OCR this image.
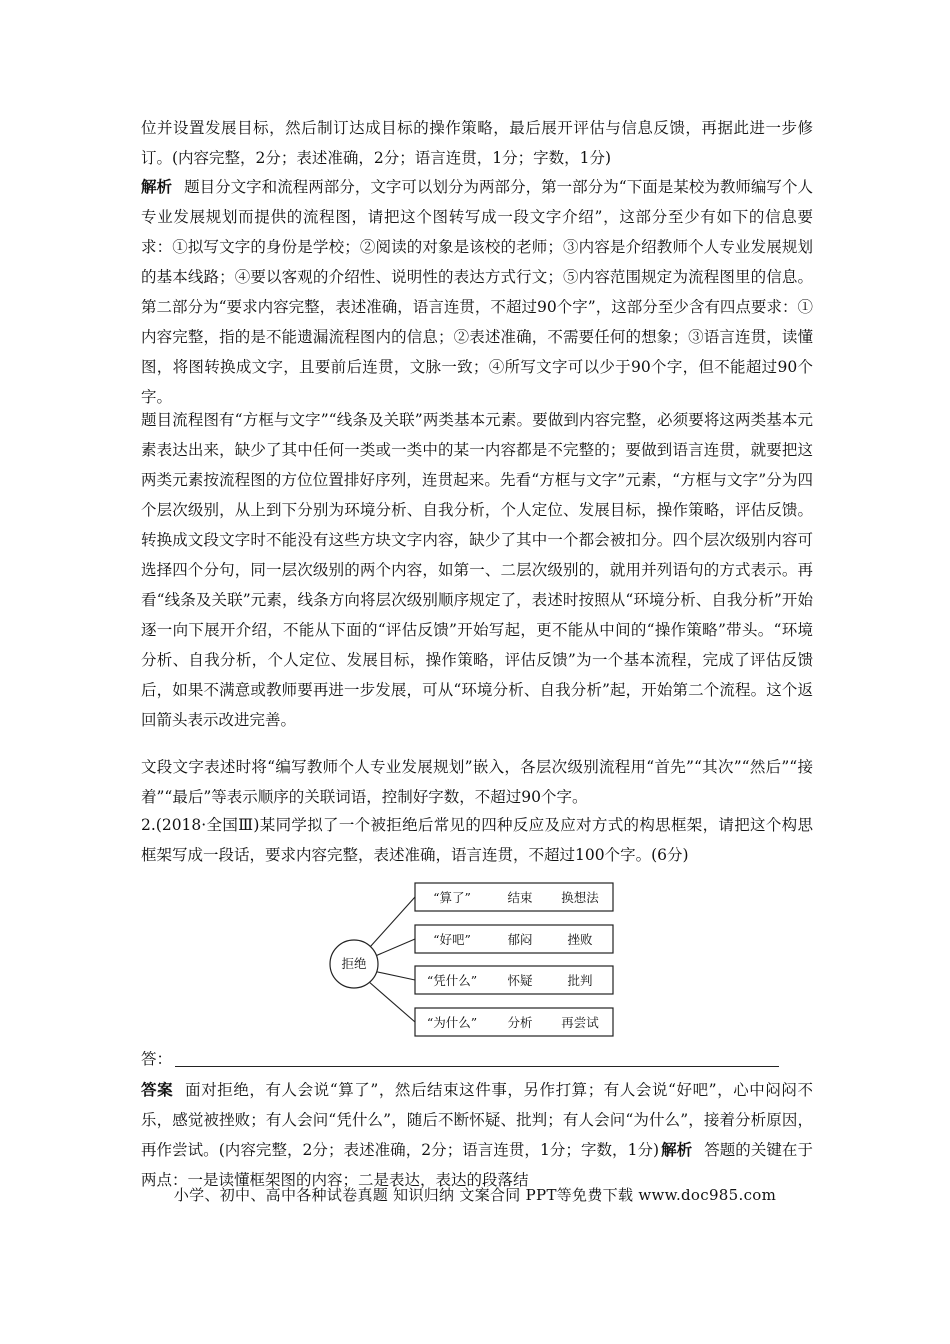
位并设置发展目标，然后制订达成目标的操作策略，最后展开评估与信息反馈，再据此进一步修订。(内容完整，2分；表述准确，2分；语言连贯，1分；字数，1分)

解析 题目分文字和流程两部分，文字可以划分为两部分，第一部分为“下面是某校为教师编写个人专业发展规划而提供的流程图，请把这个图转写成一段文字介绍”，这部分至少有如下的信息要求：①拟写文字的身份是学校；②阅读的对象是该校的老师；③内容是介绍教师个人专业发展规划的基本线路；④要以客观的介绍性、说明性的表达方式行文；⑤内容范围规定为流程图里的信息。第二部分为“要求内容完整，表述准确，语言连贯，不超过90个字”，这部分至少含有四点要求：①内容完整，指的是不能遗漏流程图内的信息；②表述准确，不需要任何的想象；③语言连贯，读懂图，将图转换成文字，且要前后连贯，文脉一致；④所写文字可以少于90个字，但不能超过90个字。

题目流程图有“方框与文字”“线条及关联”两类基本元素。要做到内容完整，必须要将这两类基本元素表达出来，缺少了其中任何一类或一类中的某一内容都是不完整的；要做到语言连贯，就要把这两类元素按流程图的方位位置排好序列，连贯起来。先看“方框与文字”元素，“方框与文字”分为四个层次级别，从上到下分别为环境分析、自我分析，个人定位、发展目标，操作策略，评估反馈。转换成文段文字时不能没有这些方块文字内容，缺少了其中一个都会被扣分。四个层次级别内容可选择四个分句，同一层次级别的两个内容，如第一、二层次级别的，就用并列语句的方式表示。再看“线条及关联”元素，线条方向将层次级别顺序规定了，表述时按照从“环境分析、自我分析”开始逐一向下展开介绍，不能从下面的“评估反馈”开始写起，更不能从中间的“操作策略”带头。“环境分析、自我分析，个人定位、发展目标，操作策略，评估反馈”为一个基本流程，完成了评估反馈后，如果不满意或教师要再进一步发展，可从“环境分析、自我分析”起，开始第二个流程。这个返回箭头表示改进完善。

文段文字表述时将“编写教师个人专业发展规划”嵌入，各层次级别流程用“首先”“其次”“然后”“接着”“最后”等表示顺序的关联词语，控制好字数，不超过90个字。

2.(2018·全国Ⅲ)某同学拟了一个被拒绝后常见的四种反应及应对方式的构思框架，请把这个构思框架写成一段话，要求内容完整，表述准确，语言连贯，不超过100个字。(6分)

拒绝
“算了”	结束 换想法
“好吧”	郁闷	挫败
“凭什么” 怀疑	批判
“为什么” 分析 再尝试
答：

答案 面对拒绝，有人会说“算了”，然后结束这件事，另作打算；有人会说“好吧”，心中闷闷不乐，感觉被挫败；有人会问“凭什么”，随后不断怀疑、批判；有人会问“为什么”，接着分析原因，再作尝试。(内容完整，2分；表述准确，2分；语言连贯，1分；字数，1分) 解析 答题的关键在于两点：一是读懂框架图的内容；二是表达，表达的段落结

小学、初中、高中各种试卷真题 知识归纳 文案合同 PPT等免费下载 www.doc985.com
